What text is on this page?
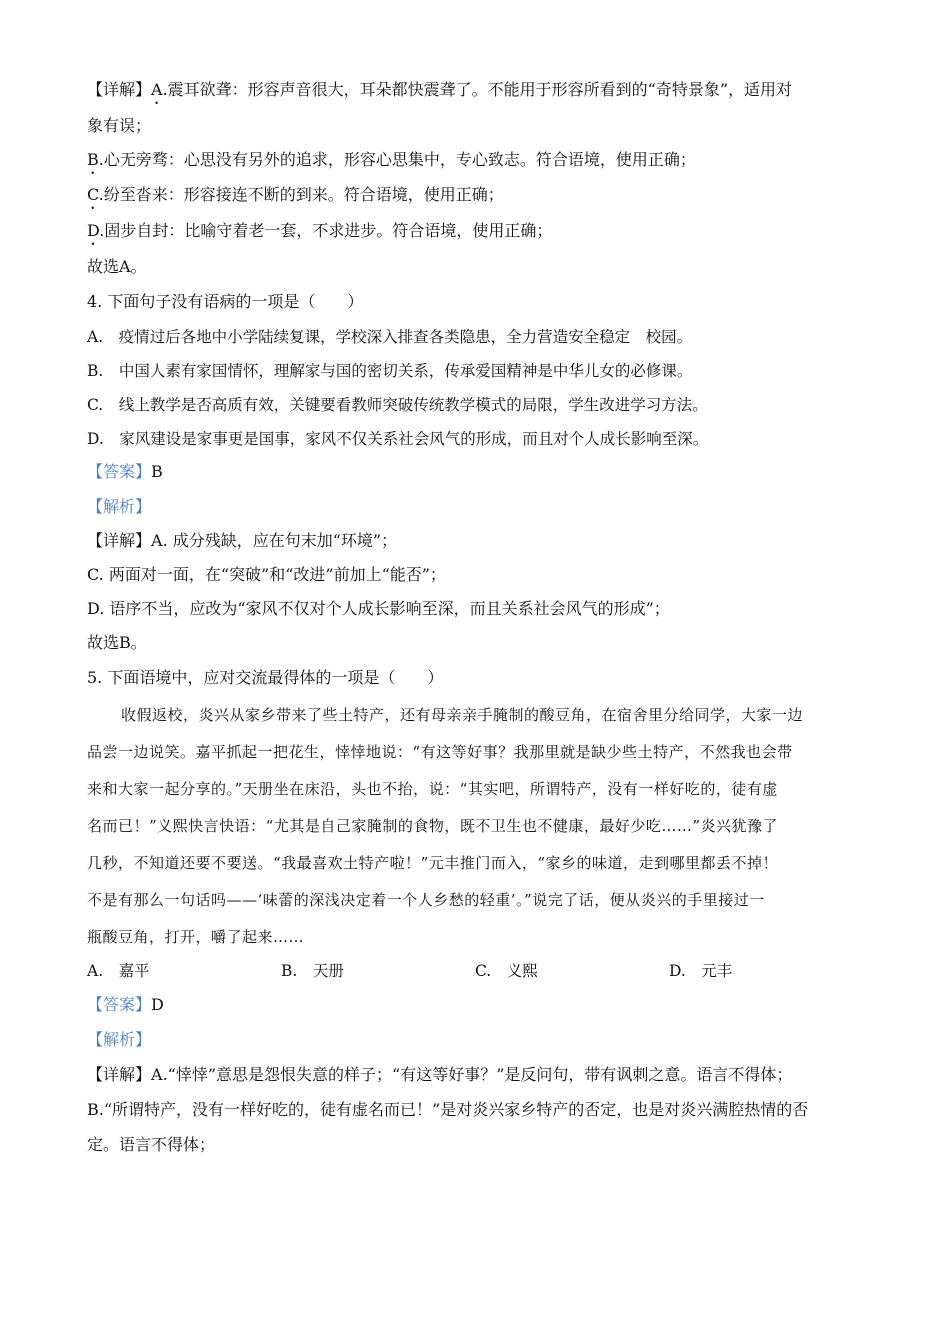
【详解】A.震耳欲聋：形容声音很大，耳朵都快震聋了。不能用于形容所看到的“奇特景象”，适用对
象有误；
B.心无旁骛：心思没有另外的追求，形容心思集中，专心致志。符合语境，使用正确；
C.纷至沓来：形容接连不断的到来。符合语境，使用正确；
D.固步自封：比喻守着老一套，不求进步。符合语境，使用正确；
故选A。
4. 下面句子没有语病的一项是（　　）
A.　疫情过后各地中小学陆续复课，学校深入排查各类隐患，全力营造安全稳定　校园。
B.　中国人素有家国情怀，理解家与国的密切关系，传承爱国精神是中华儿女的必修课。
C.　线上教学是否高质有效，关键要看教师突破传统教学模式的局限，学生改进学习方法。
D.　家风建设是家事更是国事，家风不仅关系社会风气的形成，而且对个人成长影响至深。
【答案】B
【解析】
【详解】A. 成分残缺，应在句末加“环境”；
C. 两面对一面，在“突破”和“改进”前加上“能否”；
D. 语序不当，应改为“家风不仅对个人成长影响至深，而且关系社会风气的形成”；
故选B。
5. 下面语境中，应对交流最得体的一项是（　　）
收假返校，炎兴从家乡带来了些土特产，还有母亲亲手腌制的酸豆角，在宿舍里分给同学，大家一边
品尝一边说笑。嘉平抓起一把花生，悻悻地说：“有这等好事？我那里就是缺少些土特产，不然我也会带
来和大家一起分享的。”天册坐在床沿，头也不抬，说：“其实吧，所谓特产，没有一样好吃的，徒有虚
名而已！”义熙快言快语：“尤其是自己家腌制的食物，既不卫生也不健康，最好少吃……”炎兴犹豫了
几秒，不知道还要不要送。“我最喜欢土特产啦！”元丰推门而入，“家乡的味道，走到哪里都丢不掉！
不是有那么一句话吗——‘味蕾的深浅决定着一个人乡愁的轻重’。”说完了话，便从炎兴的手里接过一
瓶酸豆角，打开，嚼了起来……
A.　嘉平	B.　天册	C.　义熙	D.　元丰
【答案】D
【解析】
【详解】A.“悻悻”意思是怨恨失意的样子；“有这等好事？”是反问句，带有讽刺之意。语言不得体；
B.“所谓特产，没有一样好吃的，徒有虚名而已！”是对炎兴家乡特产的否定，也是对炎兴满腔热情的否
定。语言不得体；
